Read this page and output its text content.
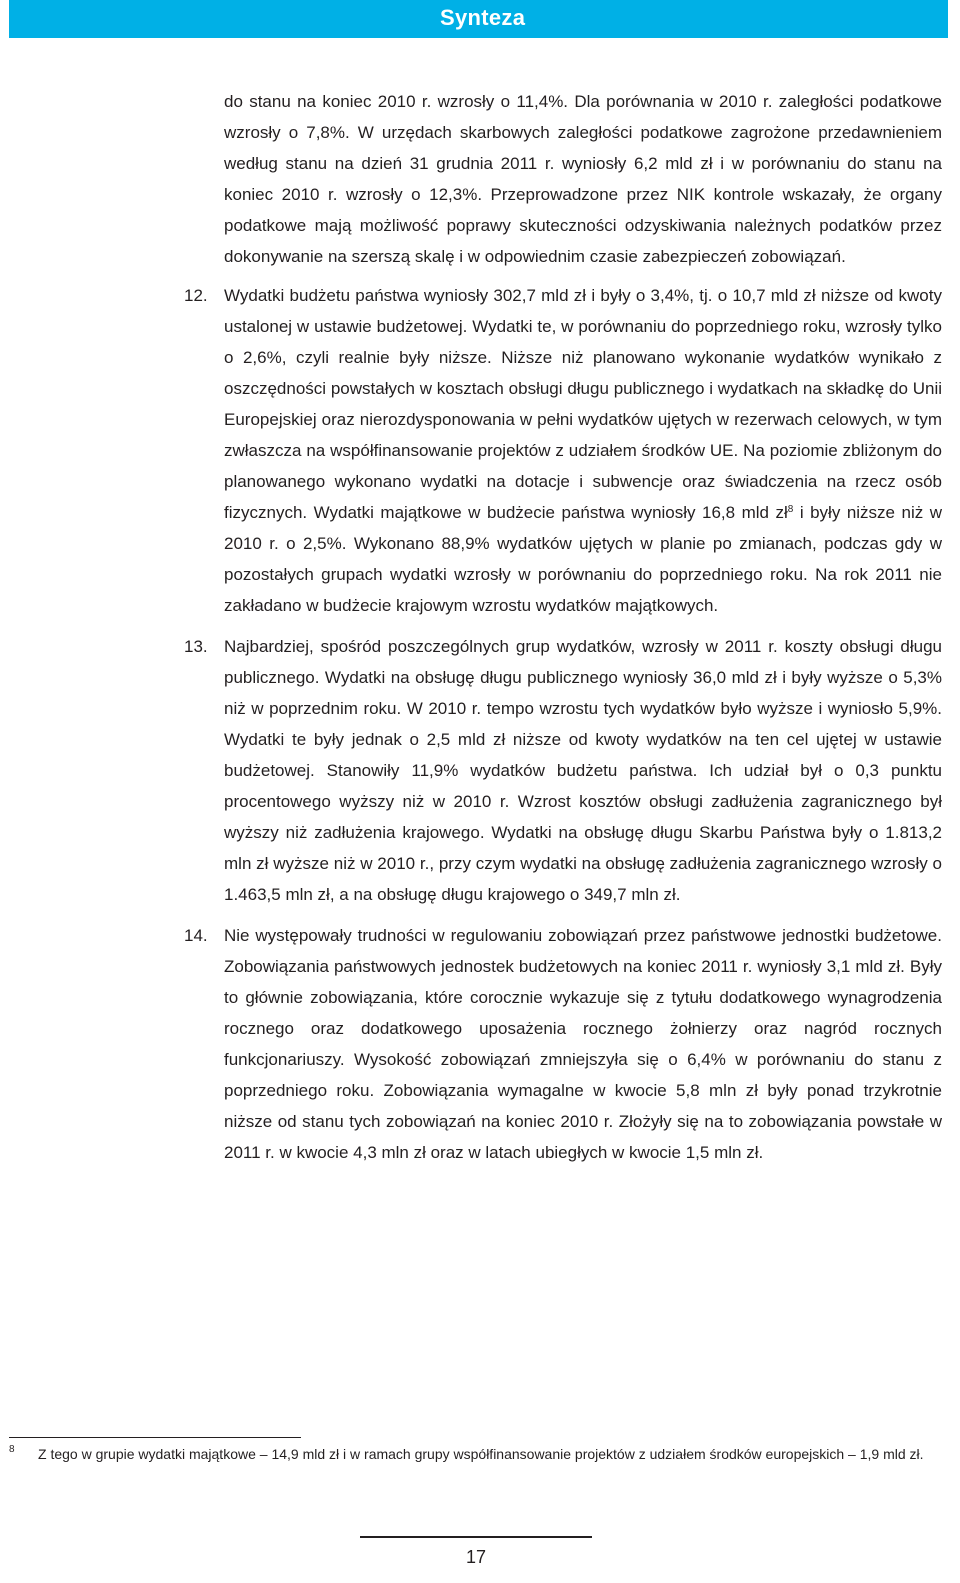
Synteza

do stanu na koniec 2010 r. wzrosły o 11,4%. Dla porównania w 2010 r. zaległości podatkowe wzrosły o 7,8%. W urzędach skarbowych zaległości podatkowe zagrożone przedawnieniem według stanu na dzień 31 grudnia 2011 r. wyniosły 6,2 mld zł i w porównaniu do stanu na koniec 2010 r. wzrosły o 12,3%. Przeprowadzone przez NIK kontrole wskazały, że organy podatkowe mają możliwość poprawy skuteczności odzyskiwania należnych podatków przez dokonywanie na szerszą skalę i w odpowiednim czasie zabezpieczeń zobowiązań.

12. Wydatki budżetu państwa wyniosły 302,7 mld zł i były o 3,4%, tj. o 10,7 mld zł niższe od kwoty ustalonej w ustawie budżetowej. Wydatki te, w porównaniu do poprzedniego roku, wzrosły tylko o 2,6%, czyli realnie były niższe. Niższe niż planowano wykonanie wydatków wynikało z oszczędności powstałych w kosztach obsługi długu publicznego i wydatkach na składkę do Unii Europejskiej oraz nierozdysponowania w pełni wydatków ujętych w rezerwach celowych, w tym zwłaszcza na współfinansowanie projektów z udziałem środków UE. Na poziomie zbliżonym do planowanego wykonano wydatki na dotacje i subwencje oraz świadczenia na rzecz osób fizycznych. Wydatki majątkowe w budżecie państwa wyniosły 16,8 mld $zł^8$ i były niższe niż w 2010 r. o 2,5%. Wykonano 88,9% wydatków ujętych w planie po zmianach, podczas gdy w pozostałych grupach wydatki wzrosły w porównaniu do poprzedniego roku. Na rok 2011 nie zakładano w budżecie krajowym wzrostu wydatków majątkowych.

13. Najbardziej, spośród poszczególnych grup wydatków, wzrosły w 2011 r. koszty obsługi długu publicznego. Wydatki na obsługę długu publicznego wyniosły 36,0 mld zł i były wyższe o 5,3% niż w poprzednim roku. W 2010 r. tempo wzrostu tych wydatków było wyższe i wyniosło 5,9%. Wydatki te były jednak o 2,5 mld zł niższe od kwoty wydatków na ten cel ujętej w ustawie budżetowej. Stanowiły 11,9% wydatków budżetu państwa. Ich udział był o 0,3 punktu procentowego wyższy niż w 2010 r. Wzrost kosztów obsługi zadłużenia zagranicznego był wyższy niż zadłużenia krajowego. Wydatki na obsługę długu Skarbu Państwa były o 1.813,2 mln zł wyższe niż w 2010 r., przy czym wydatki na obsługę zadłużenia zagranicznego wzrosły o 1.463,5 mln zł, a na obsługę długu krajowego o 349,7 mln zł.

14. Nie występowały trudności w regulowaniu zobowiązań przez państwowe jednostki budżetowe. Zobowiązania państwowych jednostek budżetowych na koniec 2011 r. wyniosły 3,1 mld zł. Były to głównie zobowiązania, które corocznie wykazuje się z tytułu dodatkowego wynagrodzenia rocznego oraz dodatkowego uposażenia rocznego żołnierzy oraz nagród rocznych funkcjonariuszy. Wysokość zobowiązań zmniejszyła się o 6,4% w porównaniu do stanu z poprzedniego roku. Zobowiązania wymagalne w kwocie 5,8 mln zł były ponad trzykrotnie niższe od stanu tych zobowiązań na koniec 2010 r. Złożyły się na to zobowiązania powstałe w 2011 r. w kwocie 4,3 mln zł oraz w latach ubiegłych w kwocie 1,5 mln zł.

8 Z tego w grupie wydatki majątkowe – 14,9 mld zł i w ramach grupy współfinansowanie projektów z udziałem środków europejskich – 1,9 mld zł.
17
